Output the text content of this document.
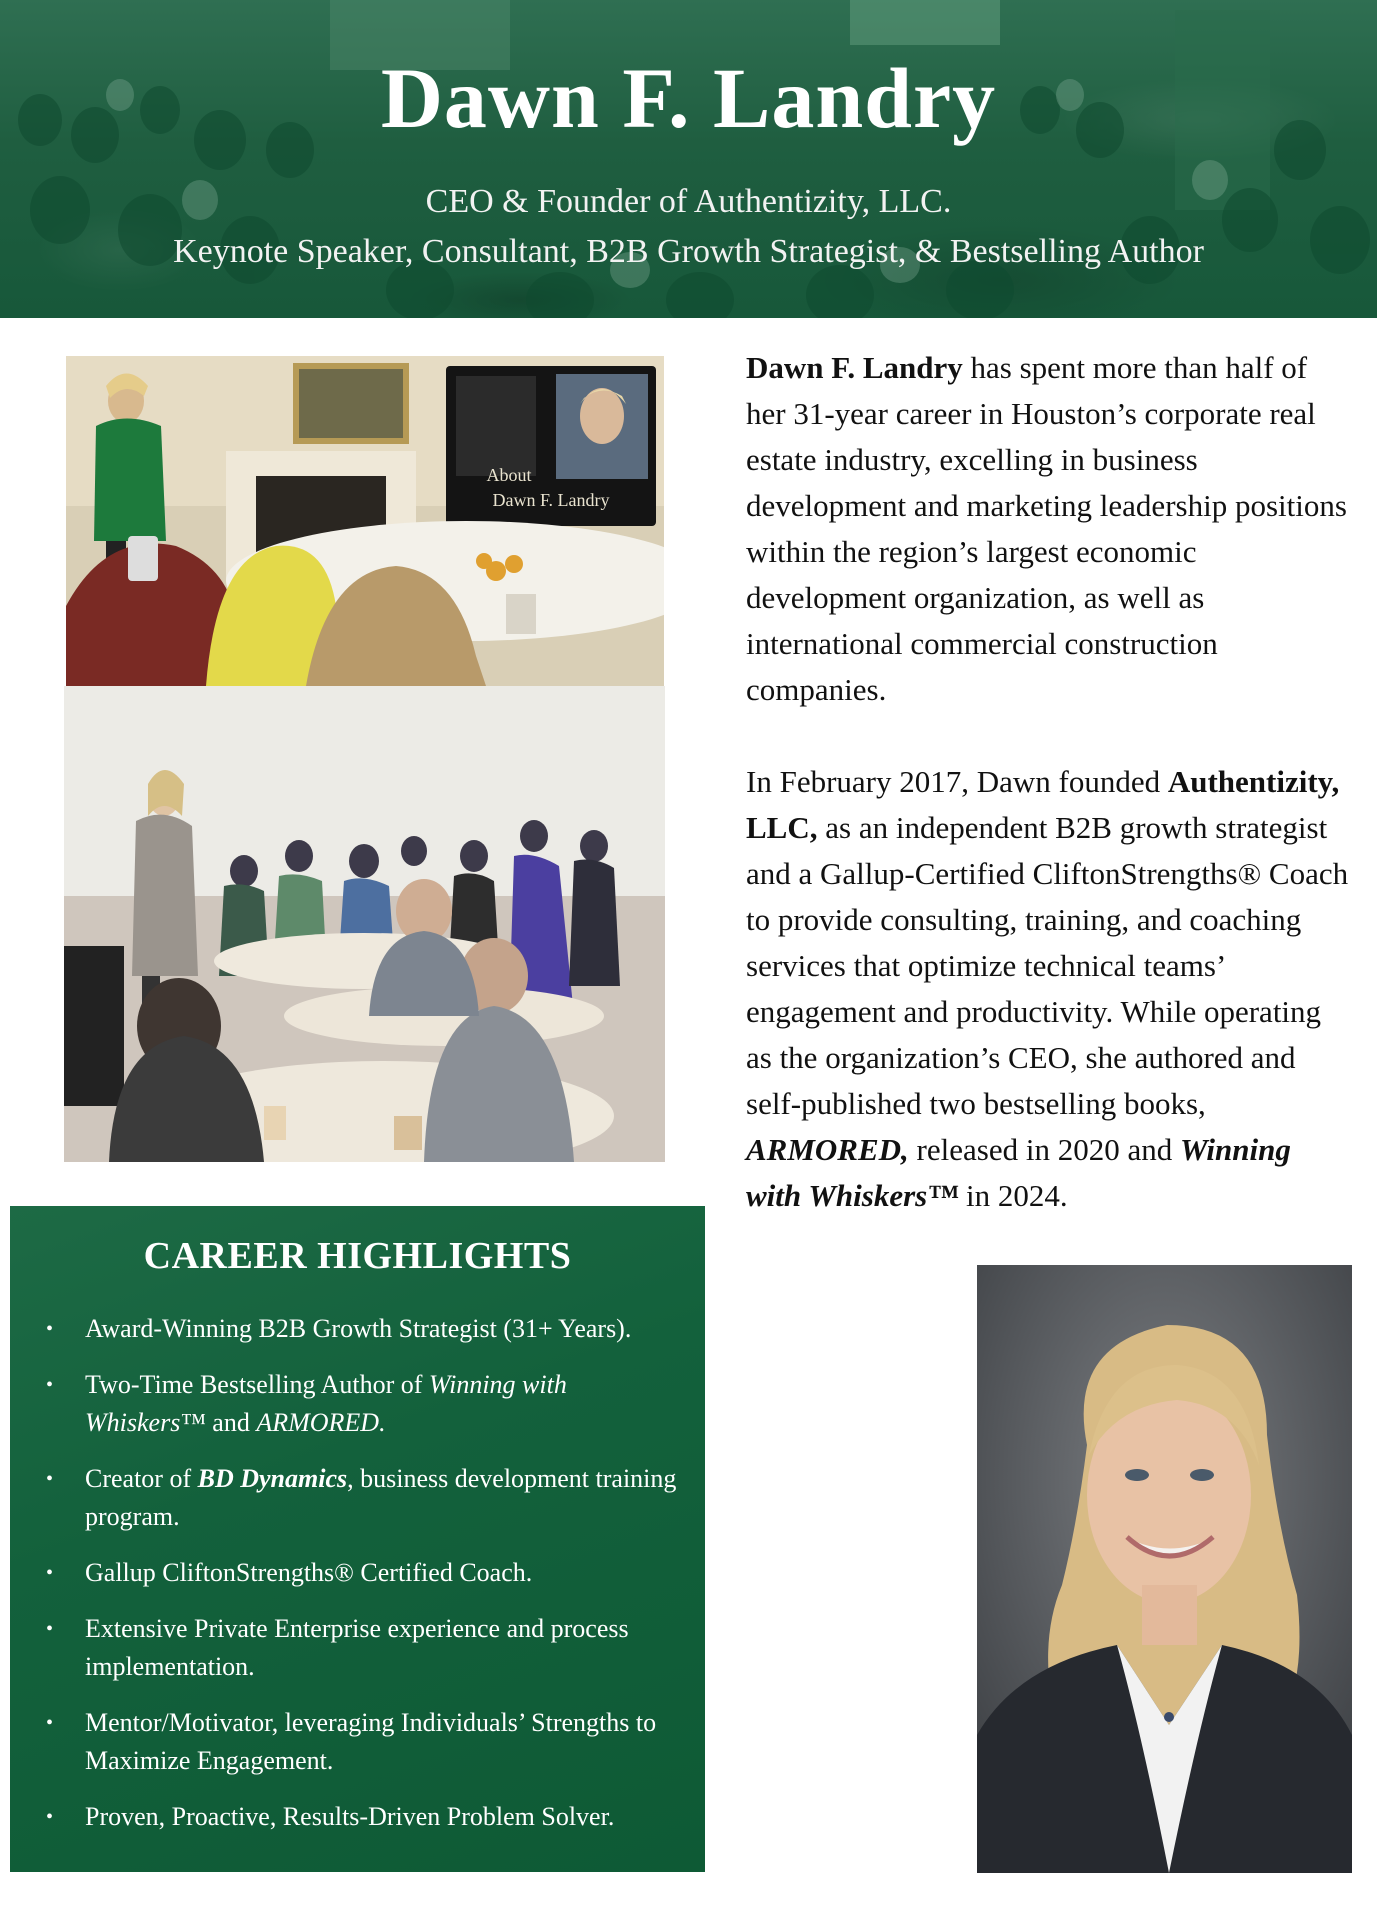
Dawn F. Landry
CEO & Founder of Authentizity, LLC.
Keynote Speaker, Consultant, B2B Growth Strategist, & Bestselling Author
About
Dawn F. Landry
CAREER HIGHLIGHTS
• Award-Winning B2B Growth Strategist (31+ Years).
• Two-Time Bestselling Author of Winning with Whiskers™ and ARMORED.
• Creator of BD Dynamics, business development training program.
• Gallup CliftonStrengths® Certified Coach.
• Extensive Private Enterprise experience and process implementation.
• Mentor/Motivator, leveraging Individuals’ Strengths to Maximize Engagement.
• Proven, Proactive, Results-Driven Problem Solver.

Dawn F. Landry has spent more than half of her 31-year career in Houston’s corporate real estate industry, excelling in business development and marketing leadership positions within the region’s largest economic development organization, as well as international commercial construction companies.

In February 2017, Dawn founded Authentizity, LLC, as an independent B2B growth strategist and a Gallup-Certified CliftonStrengths® Coach to provide consulting, training, and coaching services that optimize technical teams’ engagement and productivity. While operating as the organization’s CEO, she authored and self-published two bestselling books, ARMORED, released in 2020 and Winning with Whiskers™ in 2024.
